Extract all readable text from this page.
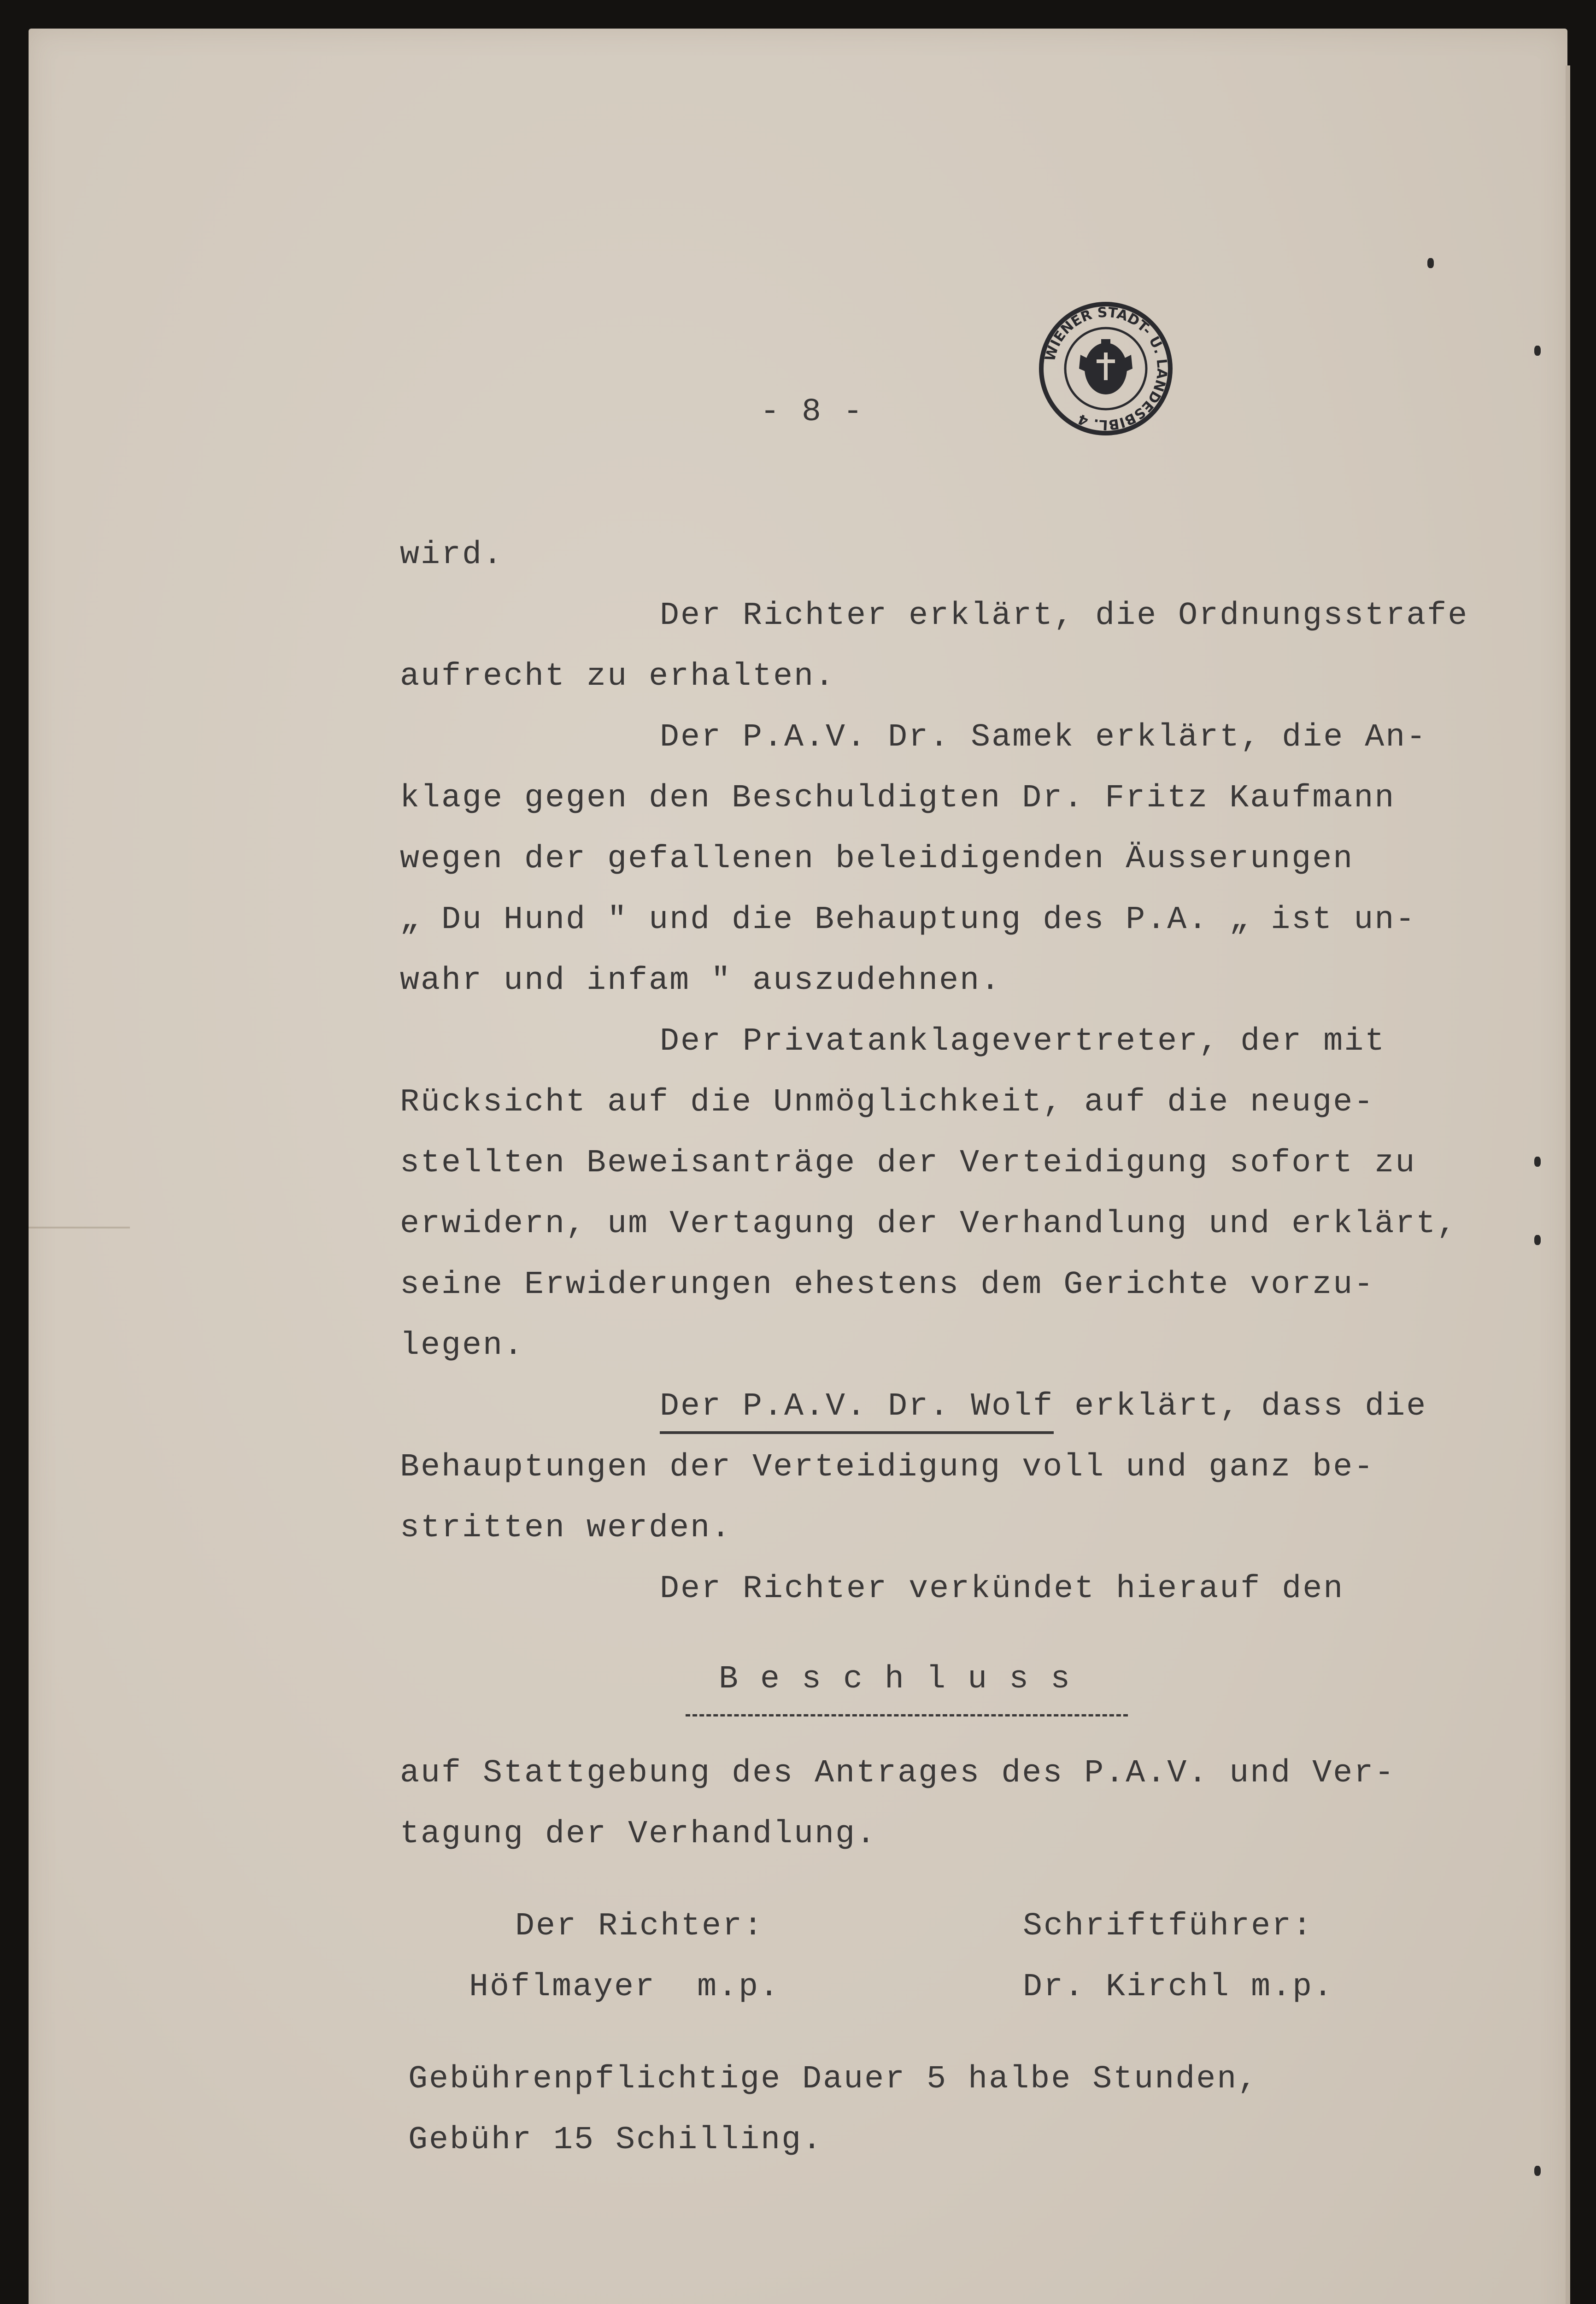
WIENER STADT- U. LANDESBIBL. 4
- 8 -
wird.
Der Richter erklärt, die Ordnungsstrafe
aufrecht zu erhalten.
Der P.A.V. Dr. Samek erklärt, die An-
klage gegen den Beschuldigten Dr. Fritz Kaufmann
wegen der gefallenen beleidigenden Äusserungen
„ Du Hund " und die Behauptung des P.A. „ ist un-
wahr und infam " auszudehnen.
Der Privatanklagevertreter, der mit
Rücksicht auf die Unmöglichkeit, auf die neuge-
stellten Beweisanträge der Verteidigung sofort zu
erwidern, um Vertagung der Verhandlung und erklärt,
seine Erwiderungen ehestens dem Gerichte vorzu-
legen.
Der P.A.V. Dr. Wolf erklärt, dass die
Behauptungen der Verteidigung voll und ganz be-
stritten werden.
Der Richter verkündet hierauf den
B e s c h l u s s
auf Stattgebung des Antrages des P.A.V. und Ver-
tagung der Verhandlung.
Der Richter:
Höflmayer  m.p.
Schriftführer:
Dr. Kirchl m.p.
Gebührenpflichtige Dauer 5 halbe Stunden,
Gebühr 15 Schilling.
